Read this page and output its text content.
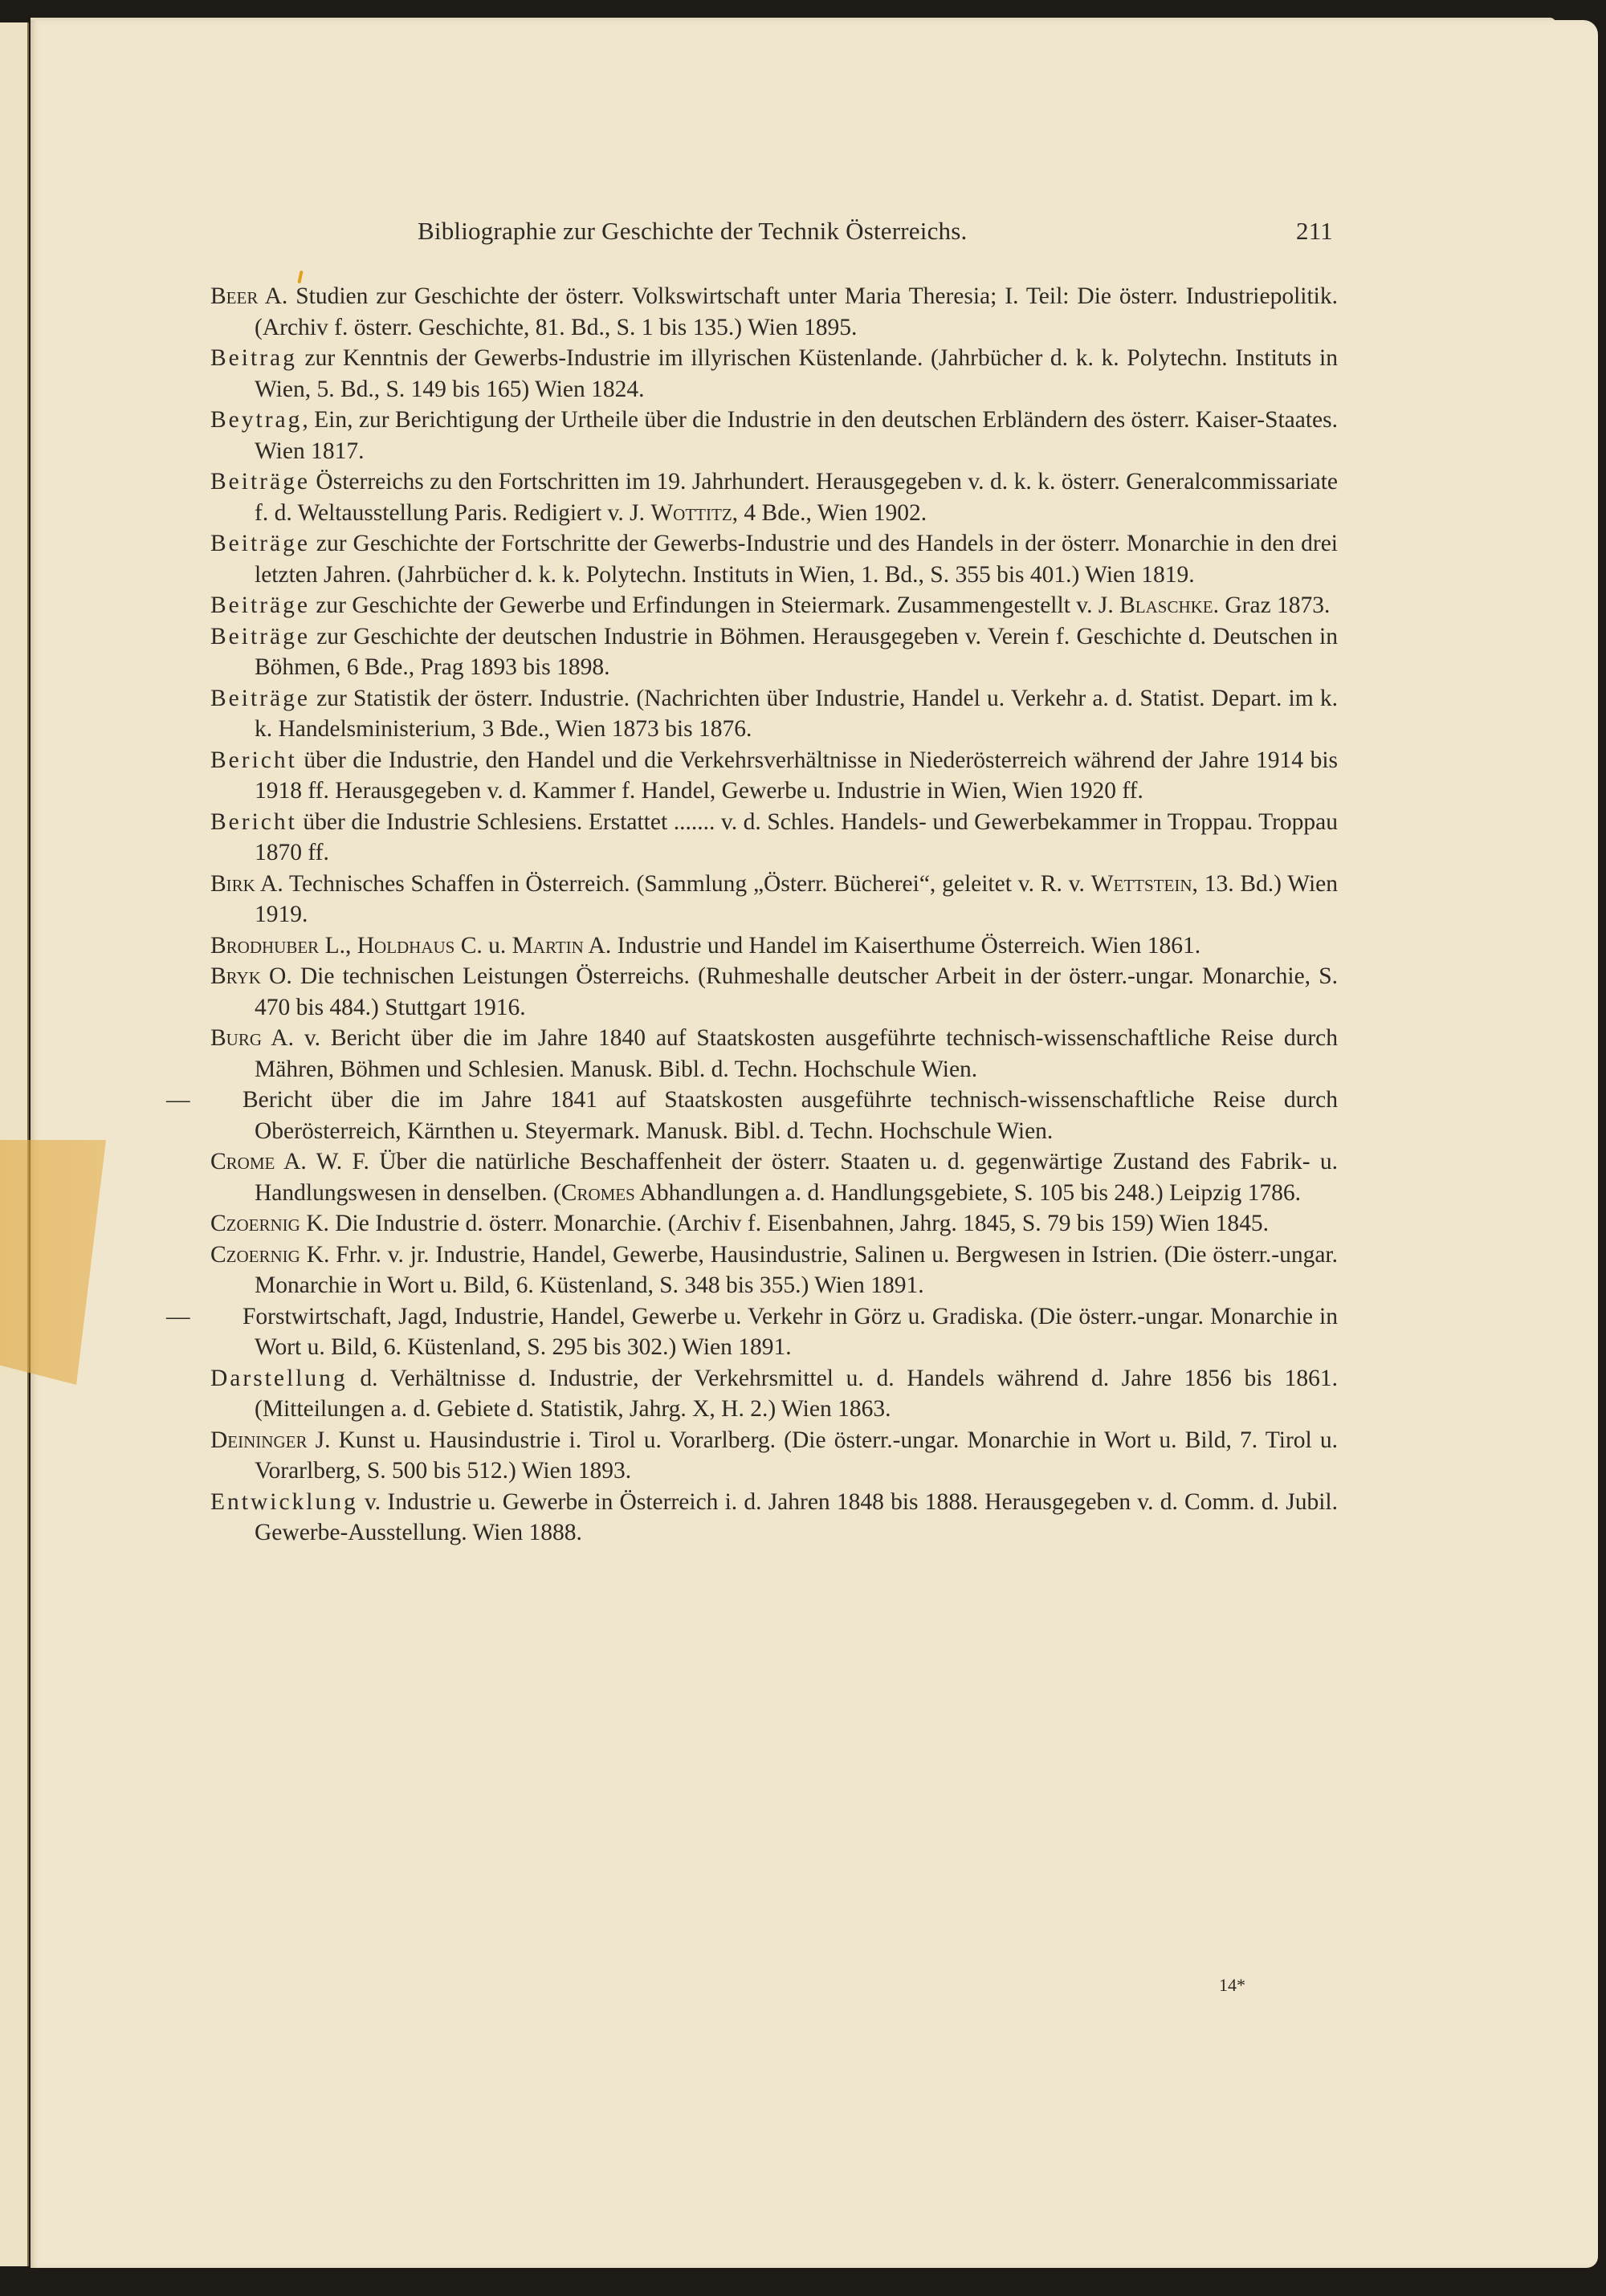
Bibliographie zur Geschichte der Technik Österreichs.	211
Beer A. Studien zur Geschichte der österr. Volkswirtschaft unter Maria Theresia; I. Teil: Die österr. Industriepolitik. (Archiv f. österr. Geschichte, 81. Bd., S. 1 bis 135.) Wien 1895.
Beitrag zur Kenntnis der Gewerbs-Industrie im illyrischen Küstenlande. (Jahrbücher d. k. k. Polytechn. Instituts in Wien, 5. Bd., S. 149 bis 165) Wien 1824.
Beytrag, Ein, zur Berichtigung der Urtheile über die Industrie in den deutschen Erbländern des österr. Kaiser-Staates. Wien 1817.
Beiträge Österreichs zu den Fortschritten im 19. Jahrhundert. Herausgegeben v. d. k. k. österr. Generalcommissariate f. d. Weltausstellung Paris. Redigiert v. J. Wottitz, 4 Bde., Wien 1902.
Beiträge zur Geschichte der Fortschritte der Gewerbs-Industrie und des Handels in der österr. Monarchie in den drei letzten Jahren. (Jahrbücher d. k. k. Polytechn. Instituts in Wien, 1. Bd., S. 355 bis 401.) Wien 1819.
Beiträge zur Geschichte der Gewerbe und Erfindungen in Steiermark. Zusammengestellt v. J. Blaschke. Graz 1873.
Beiträge zur Geschichte der deutschen Industrie in Böhmen. Herausgegeben v. Verein f. Geschichte d. Deutschen in Böhmen, 6 Bde., Prag 1893 bis 1898.
Beiträge zur Statistik der österr. Industrie. (Nachrichten über Industrie, Handel u. Verkehr a. d. Statist. Depart. im k. k. Handelsministerium, 3 Bde., Wien 1873 bis 1876.
Bericht über die Industrie, den Handel und die Verkehrsverhältnisse in Niederösterreich während der Jahre 1914 bis 1918 ff. Herausgegeben v. d. Kammer f. Handel, Gewerbe u. Industrie in Wien, Wien 1920 ff.
Bericht über die Industrie Schlesiens. Erstattet ....... v. d. Schles. Handels- und Gewerbekammer in Troppau. Troppau 1870 ff.
Birk A. Technisches Schaffen in Österreich. (Sammlung „Österr. Bücherei“, geleitet v. R. v. Wettstein, 13. Bd.) Wien 1919.
Brodhuber L., Holdhaus C. u. Martin A. Industrie und Handel im Kaiserthume Österreich. Wien 1861.
Bryk O. Die technischen Leistungen Österreichs. (Ruhmeshalle deutscher Arbeit in der österr.-ungar. Monarchie, S. 470 bis 484.) Stuttgart 1916.
Burg A. v. Bericht über die im Jahre 1840 auf Staatskosten ausgeführte technisch-wissenschaftliche Reise durch Mähren, Böhmen und Schlesien. Manusk. Bibl. d. Techn. Hochschule Wien.
— Bericht über die im Jahre 1841 auf Staatskosten ausgeführte technisch-wissenschaftliche Reise durch Oberösterreich, Kärnthen u. Steyermark. Manusk. Bibl. d. Techn. Hochschule Wien.
Crome A. W. F. Über die natürliche Beschaffenheit der österr. Staaten u. d. gegenwärtige Zustand des Fabrik- u. Handlungswesen in denselben. (Cromes Abhandlungen a. d. Handlungsgebiete, S. 105 bis 248.) Leipzig 1786.
Czoernig K. Die Industrie d. österr. Monarchie. (Archiv f. Eisenbahnen, Jahrg. 1845, S. 79 bis 159) Wien 1845.
Czoernig K. Frhr. v. jr. Industrie, Handel, Gewerbe, Hausindustrie, Salinen u. Bergwesen in Istrien. (Die österr.-ungar. Monarchie in Wort u. Bild, 6. Küstenland, S. 348 bis 355.) Wien 1891.
— Forstwirtschaft, Jagd, Industrie, Handel, Gewerbe u. Verkehr in Görz u. Gradiska. (Die österr.-ungar. Monarchie in Wort u. Bild, 6. Küstenland, S. 295 bis 302.) Wien 1891.
Darstellung d. Verhältnisse d. Industrie, der Verkehrsmittel u. d. Handels während d. Jahre 1856 bis 1861. (Mitteilungen a. d. Gebiete d. Statistik, Jahrg. X, H. 2.) Wien 1863.
Deininger J. Kunst u. Hausindustrie i. Tirol u. Vorarlberg. (Die österr.-ungar. Monarchie in Wort u. Bild, 7. Tirol u. Vorarlberg, S. 500 bis 512.) Wien 1893.
Entwicklung v. Industrie u. Gewerbe in Österreich i. d. Jahren 1848 bis 1888. Herausgegeben v. d. Comm. d. Jubil. Gewerbe-Ausstellung. Wien 1888.
14*
